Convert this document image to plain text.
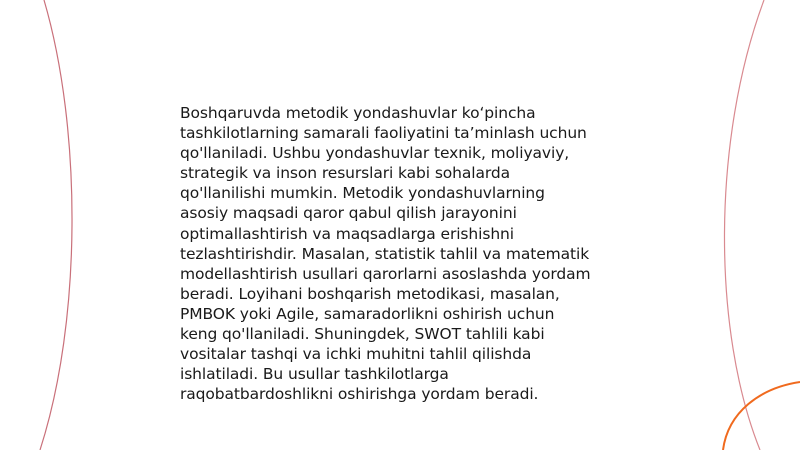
Boshqaruvda metodik yondashuvlar koʻpincha
tashkilotlarning samarali faoliyatini taʼminlash uchun
qo'llaniladi. Ushbu yondashuvlar texnik, moliyaviy,
strategik va inson resurslari kabi sohalarda
qo'llanilishi mumkin. Metodik yondashuvlarning
asosiy maqsadi qaror qabul qilish jarayonini
optimallashtirish va maqsadlarga erishishni
tezlashtirishdir. Masalan, statistik tahlil va matematik
modellashtirish usullari qarorlarni asoslashda yordam
beradi. Loyihani boshqarish metodikasi, masalan,
PMBOK yoki Agile, samaradorlikni oshirish uchun
keng qo'llaniladi. Shuningdek, SWOT tahlili kabi
vositalar tashqi va ichki muhitni tahlil qilishda
ishlatiladi. Bu usullar tashkilotlarga
raqobatbardoshlikni oshirishga yordam beradi.
